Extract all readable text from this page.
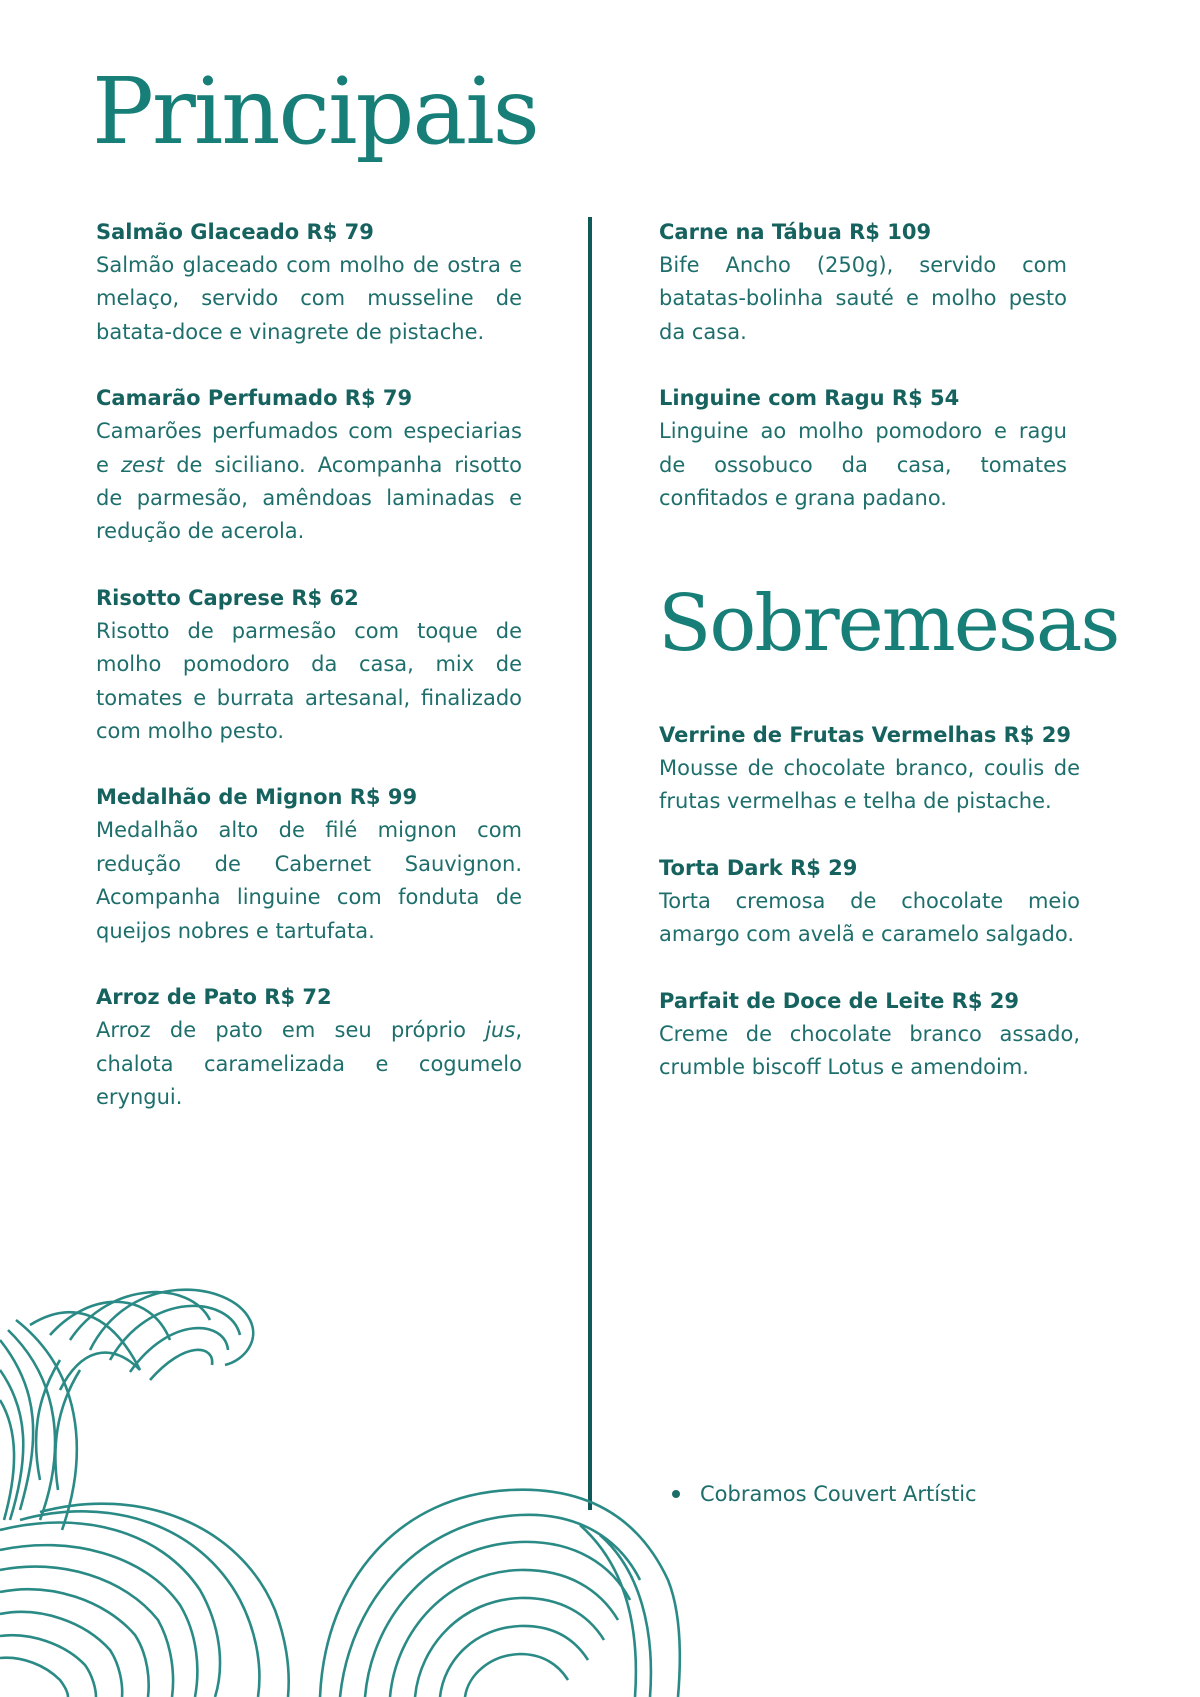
Principais
Salmão Glaceado R$ 79
Salmão glaceado com molho de ostra e melaço, servido com musseline de batata-doce e vinagrete de pistache.
Camarão Perfumado R$ 79
Camarões perfumados com especiarias e zest de siciliano. Acompanha risotto de parmesão, amêndoas laminadas e redução de acerola.
Risotto Caprese R$ 62
Risotto de parmesão com toque de molho pomodoro da casa, mix de tomates e burrata artesanal, finalizado com molho pesto.
Medalhão de Mignon R$ 99
Medalhão alto de filé mignon com redução de Cabernet Sauvignon. Acompanha linguine com fonduta de queijos nobres e tartufata.
Arroz de Pato R$ 72
Arroz de pato em seu próprio jus, chalota caramelizada e cogumelo eryngui.
Carne na Tábua R$ 109
Bife Ancho (250g), servido com batatas-bolinha sauté e molho pesto da casa.
Linguine com Ragu R$ 54
Linguine ao molho pomodoro e ragu de ossobuco da casa, tomates confitados e grana padano.
Sobremesas
Verrine de Frutas Vermelhas R$ 29
Mousse de chocolate branco, coulis de frutas vermelhas e telha de pistache.
Torta Dark R$ 29
Torta cremosa de chocolate meio amargo com avelã e caramelo salgado.
Parfait de Doce de Leite R$ 29
Creme de chocolate branco assado, crumble biscoff Lotus e amendoim.
Cobramos Couvert Artístic
